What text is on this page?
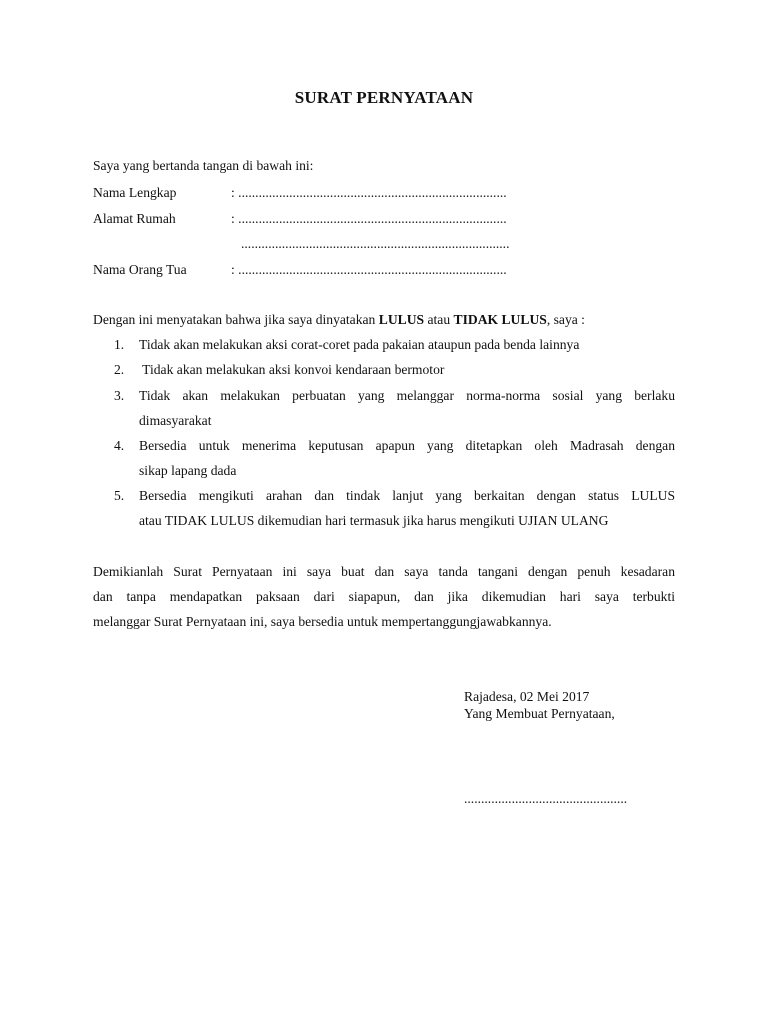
SURAT PERNYATAAN
Saya yang bertanda tangan di bawah ini:
Nama Lengkap	: ...............................................................................
Alamat Rumah	: ...............................................................................
...............................................................................
Nama Orang Tua	: ...............................................................................
Dengan ini menyatakan bahwa jika saya dinyatakan LULUS atau TIDAK LULUS, saya :
1. Tidak akan melakukan aksi corat-coret pada pakaian ataupun pada benda lainnya
2. Tidak akan melakukan aksi konvoi kendaraan bermotor
3. Tidak akan melakukan perbuatan yang melanggar norma-norma sosial yang berlaku
dimasyarakat
4. Bersedia untuk menerima keputusan apapun yang ditetapkan oleh Madrasah dengan
sikap lapang dada
5. Bersedia mengikuti arahan dan tindak lanjut yang berkaitan dengan status LULUS
atau TIDAK LULUS dikemudian hari termasuk jika harus mengikuti UJIAN ULANG
Demikianlah Surat Pernyataan ini saya buat dan saya tanda tangani dengan penuh kesadaran
dan tanpa mendapatkan paksaan dari siapapun, dan jika dikemudian hari saya terbukti
melanggar Surat Pernyataan ini, saya bersedia untuk mempertanggungjawabkannya.
Rajadesa, 02 Mei 2017
Yang Membuat Pernyataan,
................................................
